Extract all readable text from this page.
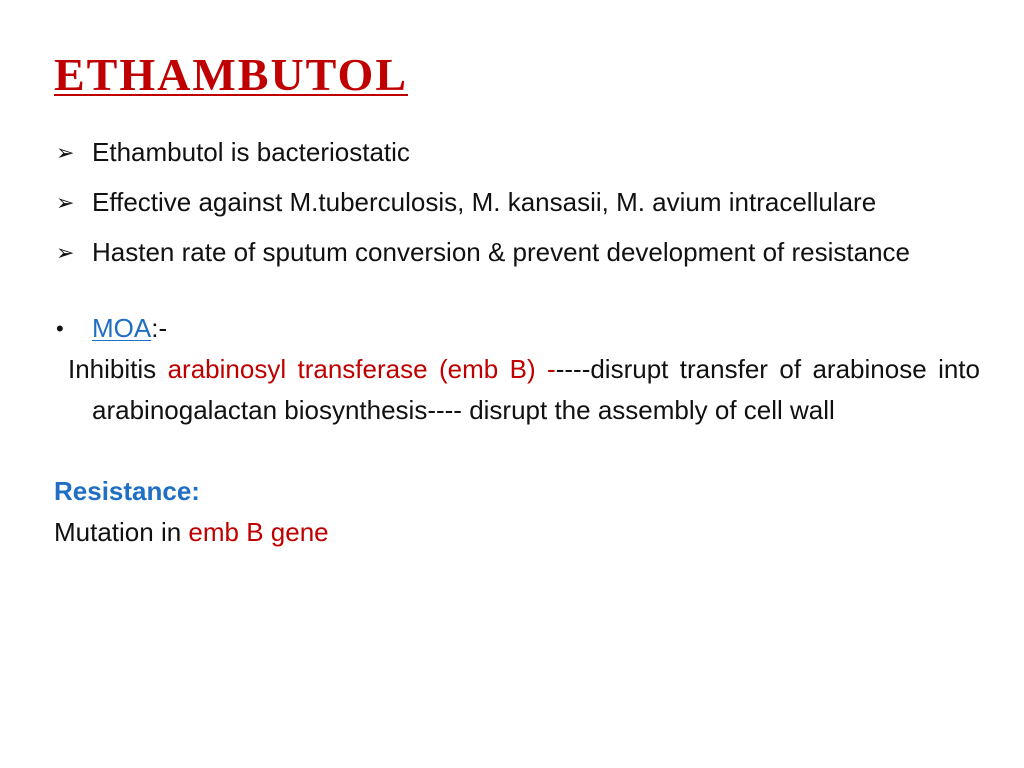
ETHAMBUTOL
➢ Ethambutol is bacteriostatic
➢ Effective against M.tuberculosis, M. kansasii, M. avium intracellulare
➢ Hasten rate of sputum conversion & prevent development of resistance
• MOA:-
Inhibitis arabinosyl transferase (emb B) -----disrupt transfer of arabinose into arabinogalactan biosynthesis---- disrupt the assembly of cell wall
Resistance:
Mutation in emb B gene
